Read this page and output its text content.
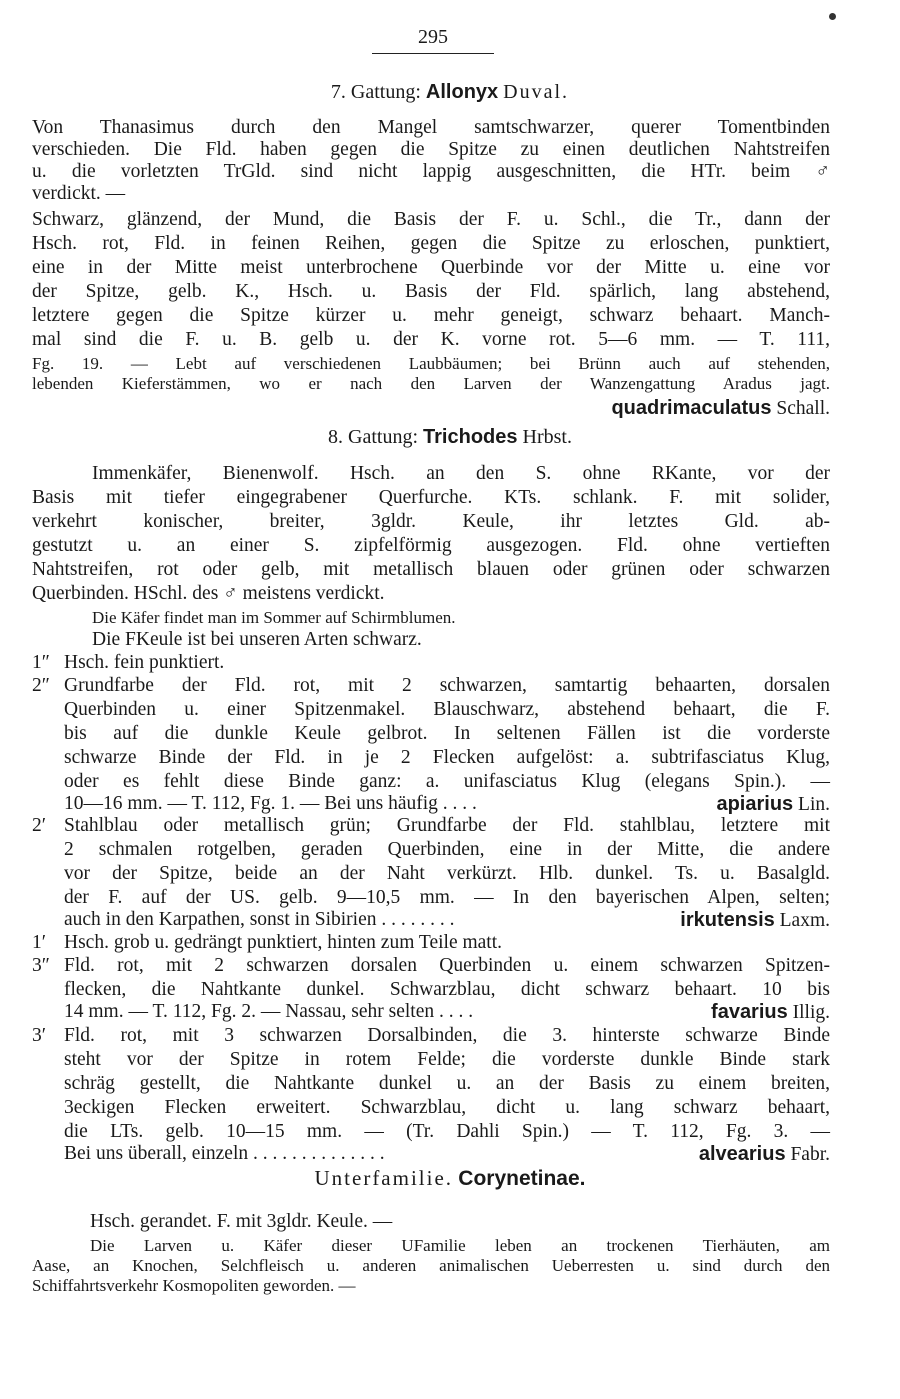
295
7. Gattung: Allonyx Duval.
Von Thanasimus durch den Mangel samtschwarzer, querer Tomentbinden
verschieden. Die Fld. haben gegen die Spitze zu einen deutlichen Nahtstreifen
u. die vorletzten TrGld. sind nicht lappig ausgeschnitten, die HTr. beim ♂
verdickt. —
Schwarz, glänzend, der Mund, die Basis der F. u. Schl., die Tr., dann der
Hsch. rot, Fld. in feinen Reihen, gegen die Spitze zu erloschen, punktiert,
eine in der Mitte meist unterbrochene Querbinde vor der Mitte u. eine vor
der Spitze, gelb. K., Hsch. u. Basis der Fld. spärlich, lang abstehend,
letztere gegen die Spitze kürzer u. mehr geneigt, schwarz behaart. Manch-
mal sind die F. u. B. gelb u. der K. vorne rot. 5—6 mm. — T. 111,
Fg. 19. — Lebt auf verschiedenen Laubbäumen; bei Brünn auch auf stehenden,
lebenden Kieferstämmen, wo er nach den Larven der Wanzengattung Aradus jagt.
quadrimaculatus Schall.
8. Gattung: Trichodes Hrbst.
Immenkäfer, Bienenwolf. Hsch. an den S. ohne RKante, vor der
Basis mit tiefer eingegrabener Querfurche. KTs. schlank. F. mit solider,
verkehrt konischer, breiter, 3gldr. Keule, ihr letztes Gld. ab-
gestutzt u. an einer S. zipfelförmig ausgezogen. Fld. ohne vertieften
Nahtstreifen, rot oder gelb, mit metallisch blauen oder grünen oder schwarzen
Querbinden. HSchl. des ♂ meistens verdickt.
Die Käfer findet man im Sommer auf Schirmblumen.
Die FKeule ist bei unseren Arten schwarz.
1″ Hsch. fein punktiert.
2″ Grundfarbe der Fld. rot, mit 2 schwarzen, samtartig behaarten, dorsalen
Querbinden u. einer Spitzenmakel. Blauschwarz, abstehend behaart, die F.
bis auf die dunkle Keule gelbrot. In seltenen Fällen ist die vorderste
schwarze Binde der Fld. in je 2 Flecken aufgelöst: a. subtrifasciatus Klug,
oder es fehlt diese Binde ganz: a. unifasciatus Klug (elegans Spin.). —
10—16 mm. — T. 112, Fg. 1. — Bei uns häufig . . . .	apiarius Lin.
2′ Stahlblau oder metallisch grün; Grundfarbe der Fld. stahlblau, letztere mit
2 schmalen rotgelben, geraden Querbinden, eine in der Mitte, die andere
vor der Spitze, beide an der Naht verkürzt. Hlb. dunkel. Ts. u. Basalgld.
der F. auf der US. gelb. 9—10,5 mm. — In den bayerischen Alpen, selten;
auch in den Karpathen, sonst in Sibirien . . . . . . . .	irkutensis Laxm.
1′ Hsch. grob u. gedrängt punktiert, hinten zum Teile matt.
3″ Fld. rot, mit 2 schwarzen dorsalen Querbinden u. einem schwarzen Spitzen-
flecken, die Nahtkante dunkel. Schwarzblau, dicht schwarz behaart. 10 bis
14 mm. — T. 112, Fg. 2. — Nassau, sehr selten . . . .	favarius Illig.
3′ Fld. rot, mit 3 schwarzen Dorsalbinden, die 3. hinterste schwarze Binde
steht vor der Spitze in rotem Felde; die vorderste dunkle Binde stark
schräg gestellt, die Nahtkante dunkel u. an der Basis zu einem breiten,
3eckigen Flecken erweitert. Schwarzblau, dicht u. lang schwarz behaart,
die LTs. gelb. 10—15 mm. — (Tr. Dahli Spin.) — T. 112, Fg. 3. —
Bei uns überall, einzeln . . . . . . . . . . . . . .	alvearius Fabr.
Unterfamilie. Corynetinae.
Hsch. gerandet. F. mit 3gldr. Keule. —
Die Larven u. Käfer dieser UFamilie leben an trockenen Tierhäuten, am
Aase, an Knochen, Selchfleisch u. anderen animalischen Ueberresten u. sind durch den
Schiffahrtsverkehr Kosmopoliten geworden. —
